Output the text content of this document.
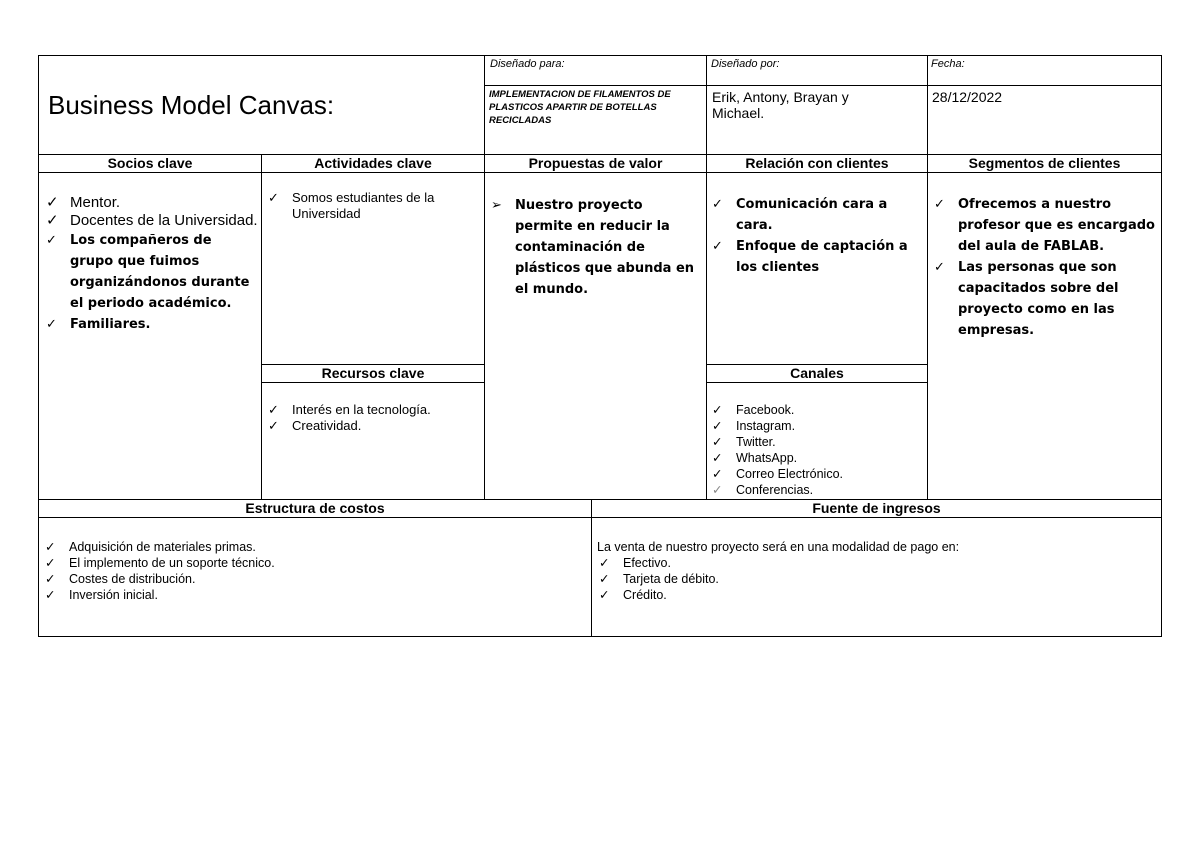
Business Model Canvas:
Diseñado para:
IMPLEMENTACION DE FILAMENTOS DE PLASTICOS APARTIR DE BOTELLAS RECICLADAS
Diseñado por:
Erik, Antony, Brayan y Michael.
Fecha:
28/12/2022
Socios clave	Actividades clave	Propuestas de valor	Relación con clientes	Segmentos de clientes
Recursos clave	Canales
✓ Mentor.
✓ Docentes de la Universidad.
✓ Los compañeros de grupo que fuimos organizándonos durante el periodo académico.
✓ Familiares.
✓ Somos estudiantes de la Universidad
✓ Interés en la tecnología.
✓ Creatividad.
➢ Nuestro proyecto permite en reducir la contaminación de plásticos que abunda en el mundo.
✓ Comunicación cara a cara.
✓ Enfoque de captación a los clientes
✓ Facebook.
✓ Instagram.
✓ Twitter.
✓ WhatsApp.
✓ Correo Electrónico.
✓ Conferencias.
✓ Ofrecemos a nuestro profesor que es encargado del aula de FABLAB.
✓ Las personas que son capacitados sobre del proyecto como en las empresas.
Estructura de costos	Fuente de ingresos
✓ Adquisición de materiales primas.
✓ El implemento de un soporte técnico.
✓ Costes de distribución.
✓ Inversión inicial.
La venta de nuestro proyecto será en una modalidad de pago en:
✓ Efectivo.
✓ Tarjeta de débito.
✓ Crédito.
